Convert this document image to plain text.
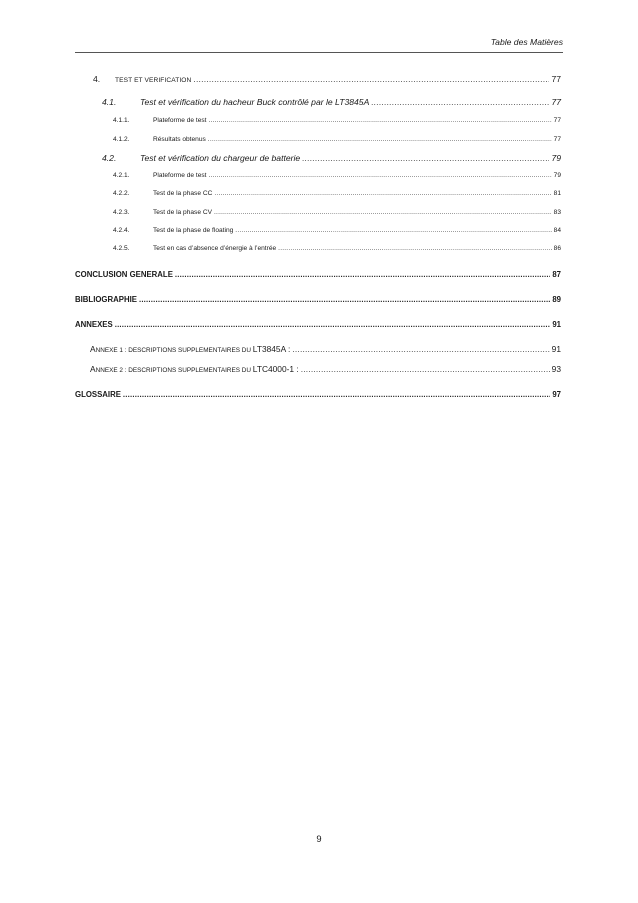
Table des Matières
4.	TEST ET VERIFICATION .....	77
4.1.	Test et vérification du hacheur Buck contrôlé par le LT3845A .....	77
4.1.1.	Plateforme de test .....	77
4.1.2.	Résultats obtenus .....	77
4.2.	Test et vérification du chargeur de batterie .....	79
4.2.1.	Plateforme de test .....	79
4.2.2.	Test de la phase CC .....	81
4.2.3.	Test de la phase CV .....	83
4.2.4.	Test de la phase de floating .....	84
4.2.5.	Test en cas d’absence d’énergie à l’entrée .....	86
CONCLUSION GENERALE .....	87
BIBLIOGRAPHIE .....	89
ANNEXES .....	91
ANNEXE 1 : DESCRIPTIONS SUPPLEMENTAIRES DU LT3845A : .....	91
ANNEXE 2 : DESCRIPTIONS SUPPLEMENTAIRES DU LTC4000-1 : .....	93
GLOSSAIRE .....	97
9
